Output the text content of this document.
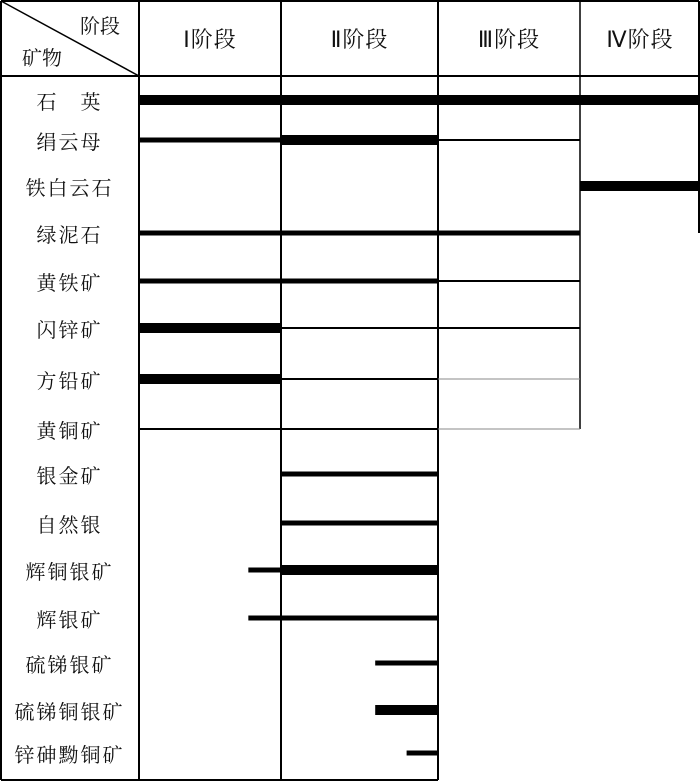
阶段
矿物
Ⅰ阶段	Ⅱ阶段	Ⅲ阶段	Ⅳ阶段
石　英
绢云母
铁白云石
绿泥石
黄铁矿
闪锌矿
方铅矿
黄铜矿
银金矿
自然银
辉铜银矿
辉银矿
硫锑银矿
硫锑铜银矿
锌砷黝铜矿
